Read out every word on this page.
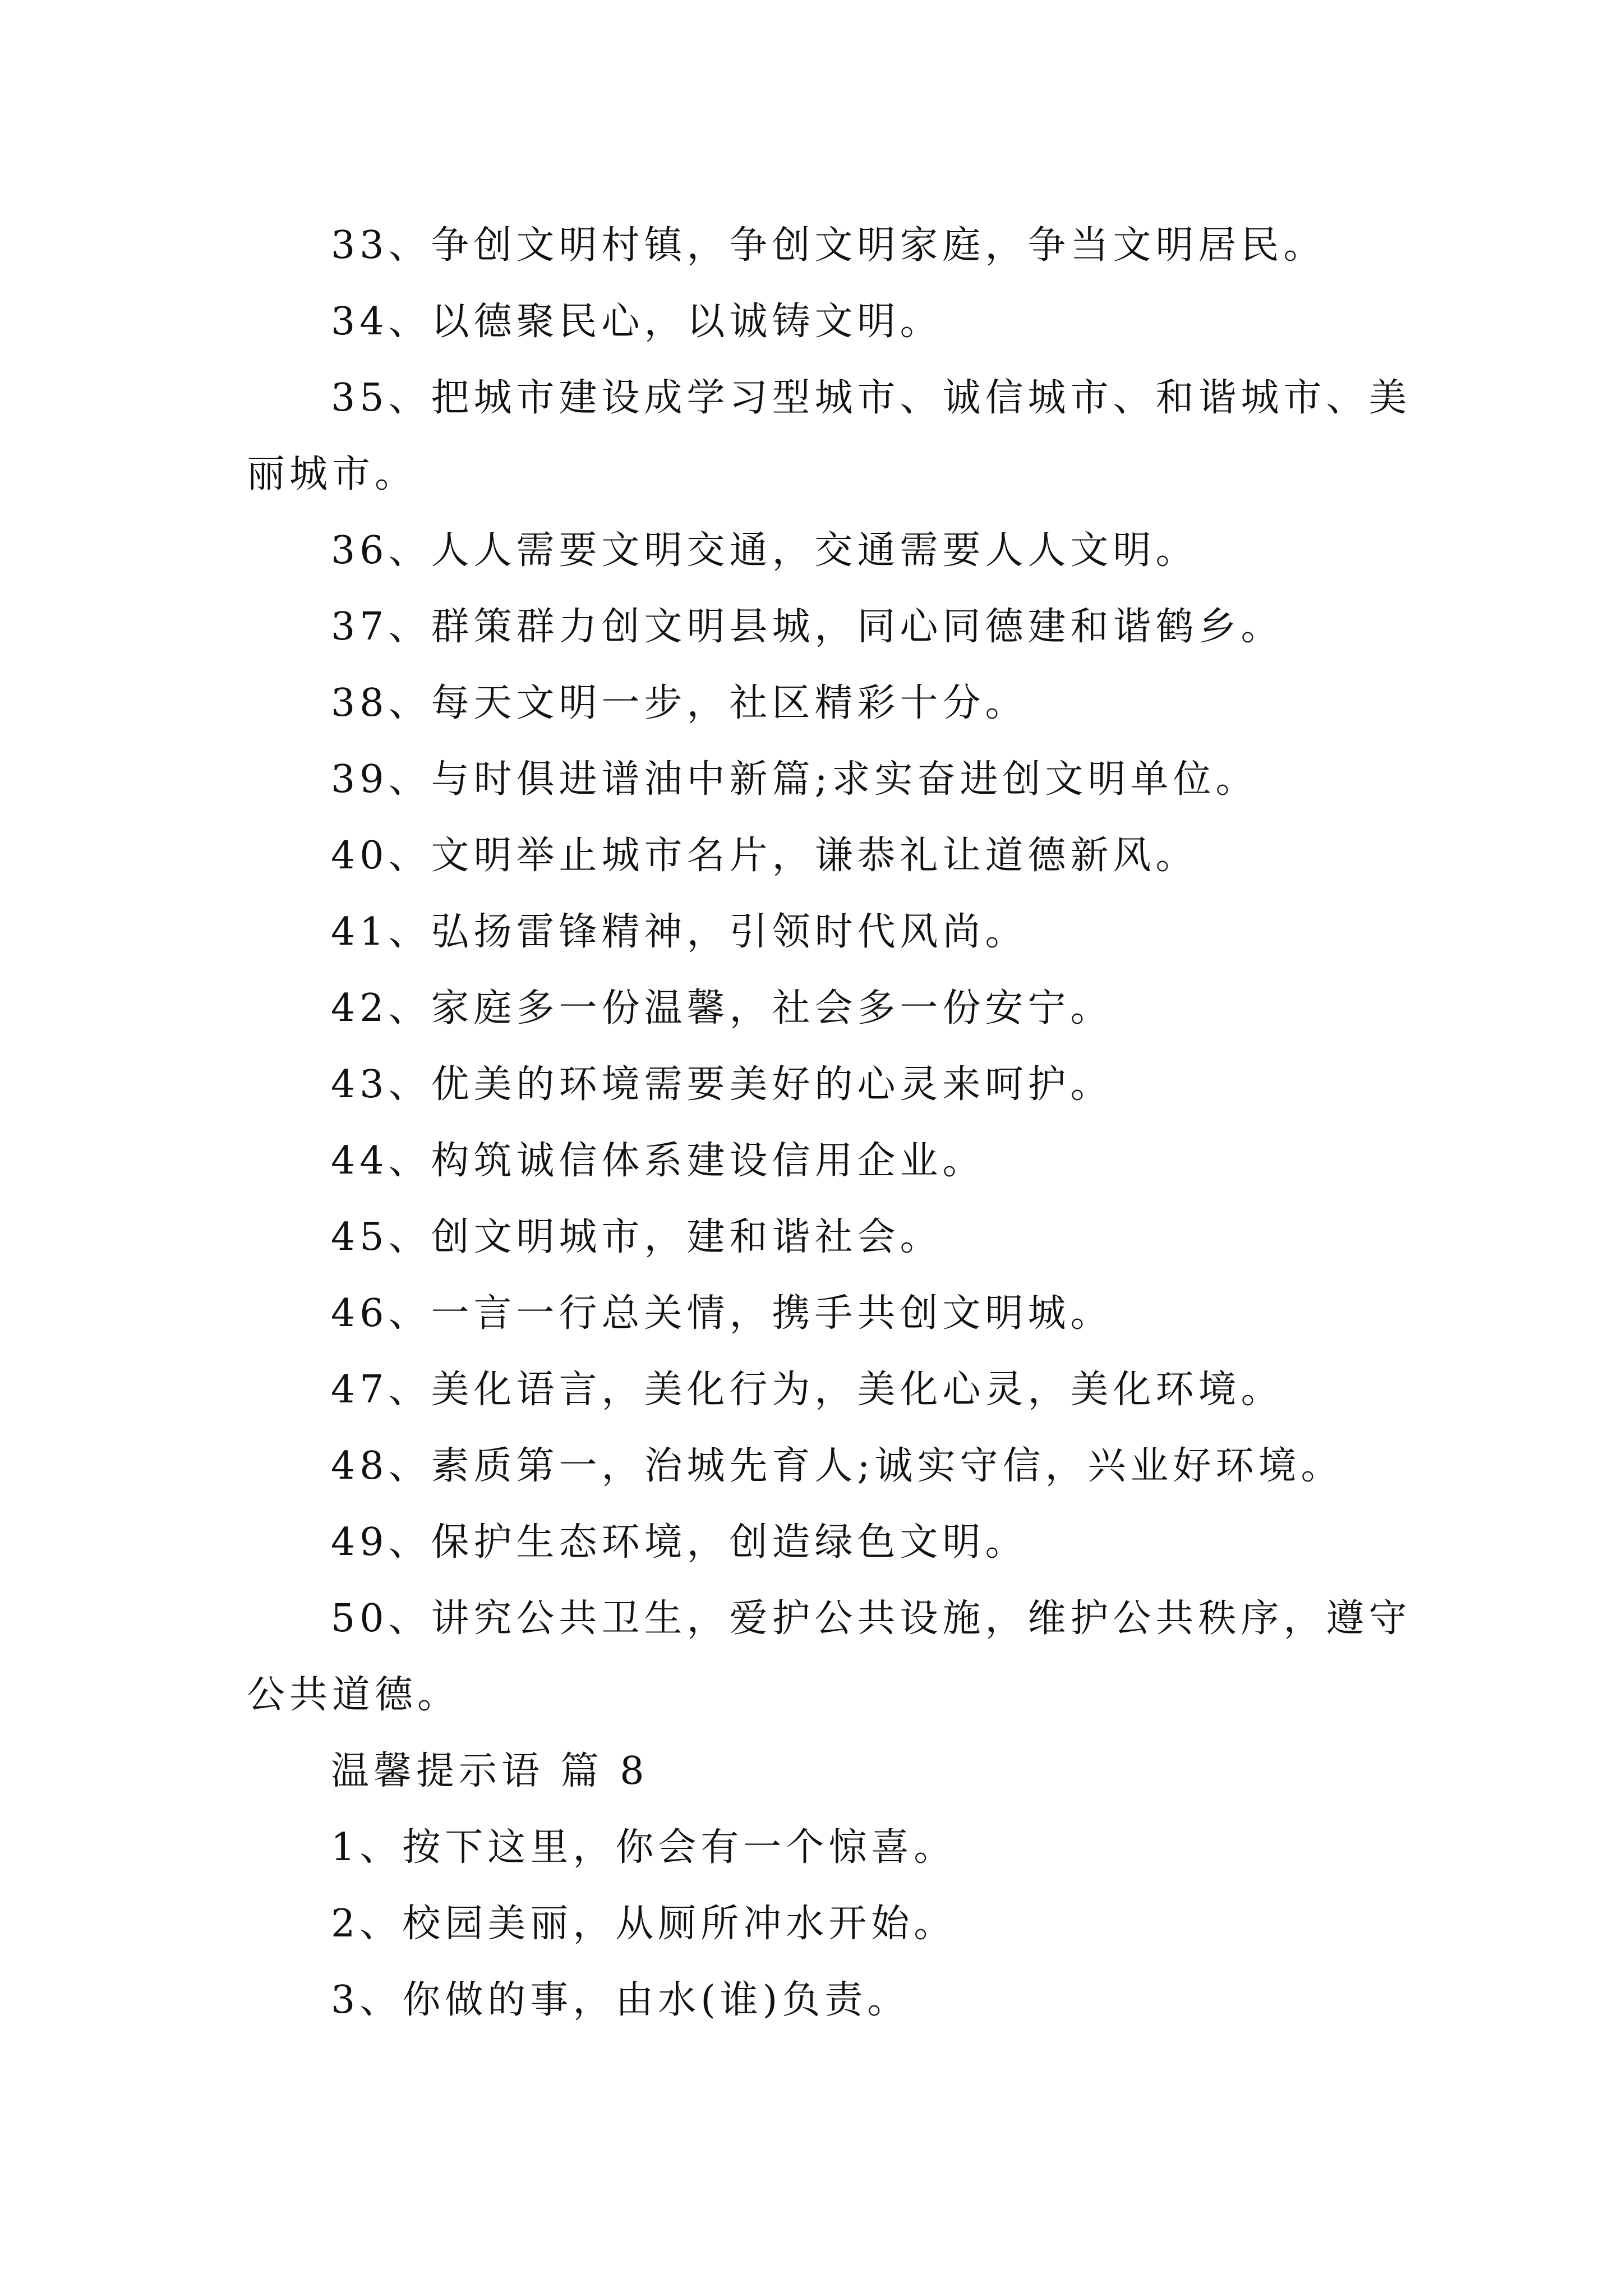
33、争创文明村镇，争创文明家庭，争当文明居民。

34、以德聚民心，以诚铸文明。

35、把城市建设成学习型城市、诚信城市、和谐城市、美丽城市。

36、人人需要文明交通，交通需要人人文明。

37、群策群力创文明县城，同心同德建和谐鹤乡。

38、每天文明一步，社区精彩十分。

39、与时俱进谱油中新篇;求实奋进创文明单位。

40、文明举止城市名片，谦恭礼让道德新风。

41、弘扬雷锋精神，引领时代风尚。

42、家庭多一份温馨，社会多一份安宁。

43、优美的环境需要美好的心灵来呵护。

44、构筑诚信体系建设信用企业。

45、创文明城市，建和谐社会。

46、一言一行总关情，携手共创文明城。

47、美化语言，美化行为，美化心灵，美化环境。

48、素质第一，治城先育人;诚实守信，兴业好环境。

49、保护生态环境，创造绿色文明。

50、讲究公共卫生，爱护公共设施，维护公共秩序，遵守公共道德。

温馨提示语 篇 8

1、按下这里，你会有一个惊喜。

2、校园美丽，从厕所冲水开始。

3、你做的事，由水(谁)负责。
